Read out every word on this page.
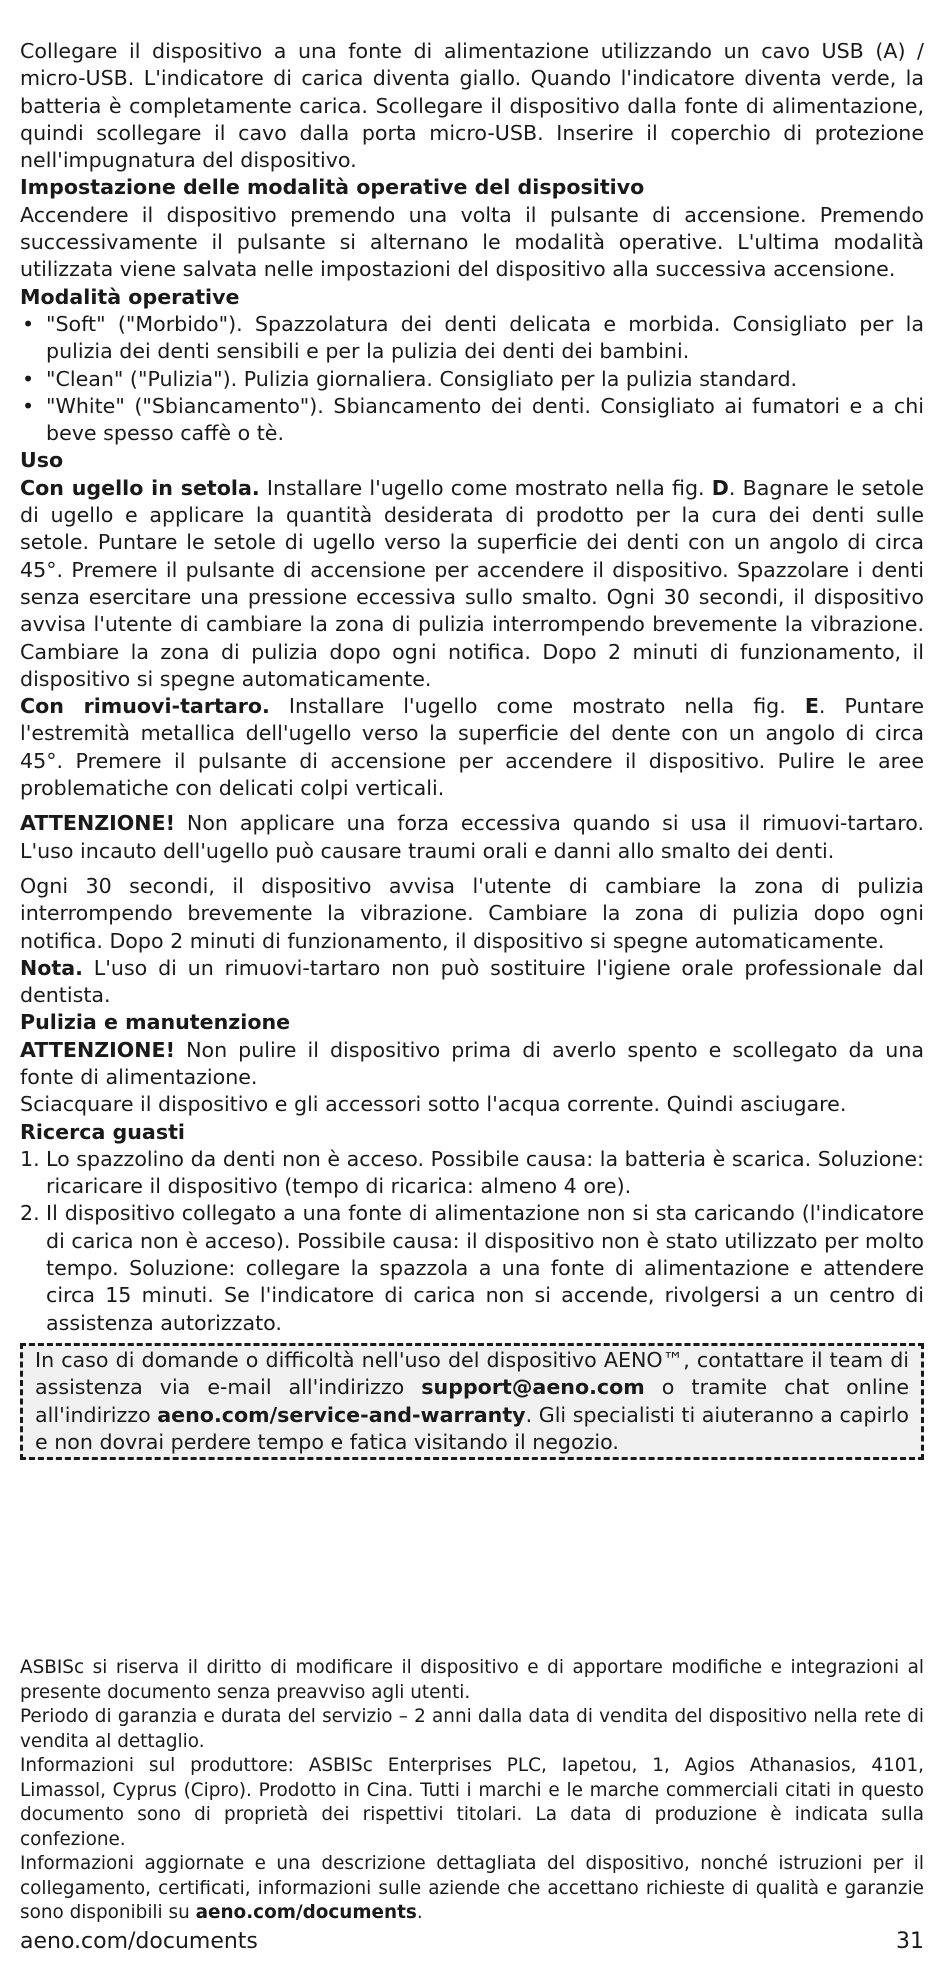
Collegare il dispositivo a una fonte di alimentazione utilizzando un cavo USB (A) / micro-USB. L'indicatore di carica diventa giallo. Quando l'indicatore diventa verde, la batteria è completamente carica. Scollegare il dispositivo dalla fonte di alimentazione, quindi scollegare il cavo dalla porta micro-USB. Inserire il coperchio di protezione nell'impugnatura del dispositivo.

Impostazione delle modalità operative del dispositivo

Accendere il dispositivo premendo una volta il pulsante di accensione. Premendo successivamente il pulsante si alternano le modalità operative. L'ultima modalità utilizzata viene salvata nelle impostazioni del dispositivo alla successiva accensione.

Modalità operative
• "Soft" ("Morbido"). Spazzolatura dei denti delicata e morbida. Consigliato per la pulizia dei denti sensibili e per la pulizia dei denti dei bambini.
• "Clean" ("Pulizia"). Pulizia giornaliera. Consigliato per la pulizia standard.
• "White" ("Sbiancamento"). Sbiancamento dei denti. Consigliato ai fumatori e a chi beve spesso caffè o tè.
Uso

Con ugello in setola. Installare l'ugello come mostrato nella fig. D. Bagnare le setole di ugello e applicare la quantità desiderata di prodotto per la cura dei denti sulle setole. Puntare le setole di ugello verso la superficie dei denti con un angolo di circa 45°. Premere il pulsante di accensione per accendere il dispositivo. Spazzolare i denti senza esercitare una pressione eccessiva sullo smalto. Ogni 30 secondi, il dispositivo avvisa l'utente di cambiare la zona di pulizia interrompendo brevemente la vibrazione. Cambiare la zona di pulizia dopo ogni notifica. Dopo 2 minuti di funzionamento, il dispositivo si spegne automaticamente.

Con rimuovi-tartaro. Installare l'ugello come mostrato nella fig. E. Puntare l'estremità metallica dell'ugello verso la superficie del dente con un angolo di circa 45°. Premere il pulsante di accensione per accendere il dispositivo. Pulire le aree problematiche con delicati colpi verticali.

ATTENZIONE! Non applicare una forza eccessiva quando si usa il rimuovi-tartaro. L'uso incauto dell'ugello può causare traumi orali e danni allo smalto dei denti.

Ogni 30 secondi, il dispositivo avvisa l'utente di cambiare la zona di pulizia interrompendo brevemente la vibrazione. Cambiare la zona di pulizia dopo ogni notifica. Dopo 2 minuti di funzionamento, il dispositivo si spegne automaticamente.

Nota. L'uso di un rimuovi-tartaro non può sostituire l'igiene orale professionale dal dentista.

Pulizia e manutenzione

ATTENZIONE! Non pulire il dispositivo prima di averlo spento e scollegato da una fonte di alimentazione.

Sciacquare il dispositivo e gli accessori sotto l'acqua corrente. Quindi asciugare.

Ricerca guasti
1. Lo spazzolino da denti non è acceso. Possibile causa: la batteria è scarica. Soluzione: ricaricare il dispositivo (tempo di ricarica: almeno 4 ore).
2. Il dispositivo collegato a una fonte di alimentazione non si sta caricando (l'indicatore di carica non è acceso). Possibile causa: il dispositivo non è stato utilizzato per molto tempo. Soluzione: collegare la spazzola a una fonte di alimentazione e attendere circa 15 minuti. Se l'indicatore di carica non si accende, rivolgersi a un centro di assistenza autorizzato.
In caso di domande o difficoltà nell'uso del dispositivo AENO™, contattare il team di assistenza via e-mail all'indirizzo support@aeno.com o tramite chat online all'indirizzo aeno.com/service-and-warranty. Gli specialisti ti aiuteranno a capirlo e non dovrai perdere tempo e fatica visitando il negozio.

ASBISc si riserva il diritto di modificare il dispositivo e di apportare modifiche e integrazioni al presente documento senza preavviso agli utenti.

Periodo di garanzia e durata del servizio – 2 anni dalla data di vendita del dispositivo nella rete di vendita al dettaglio.

Informazioni sul produttore: ASBISc Enterprises PLC, Iapetou, 1, Agios Athanasios, 4101, Limassol, Cyprus (Cipro). Prodotto in Cina. Tutti i marchi e le marche commerciali citati in questo documento sono di proprietà dei rispettivi titolari. La data di produzione è indicata sulla confezione.

Informazioni aggiornate e una descrizione dettagliata del dispositivo, nonché istruzioni per il collegamento, certificati, informazioni sulle aziende che accettano richieste di qualità e garanzie sono disponibili su aeno.com/documents.

aeno.com/documents	31
